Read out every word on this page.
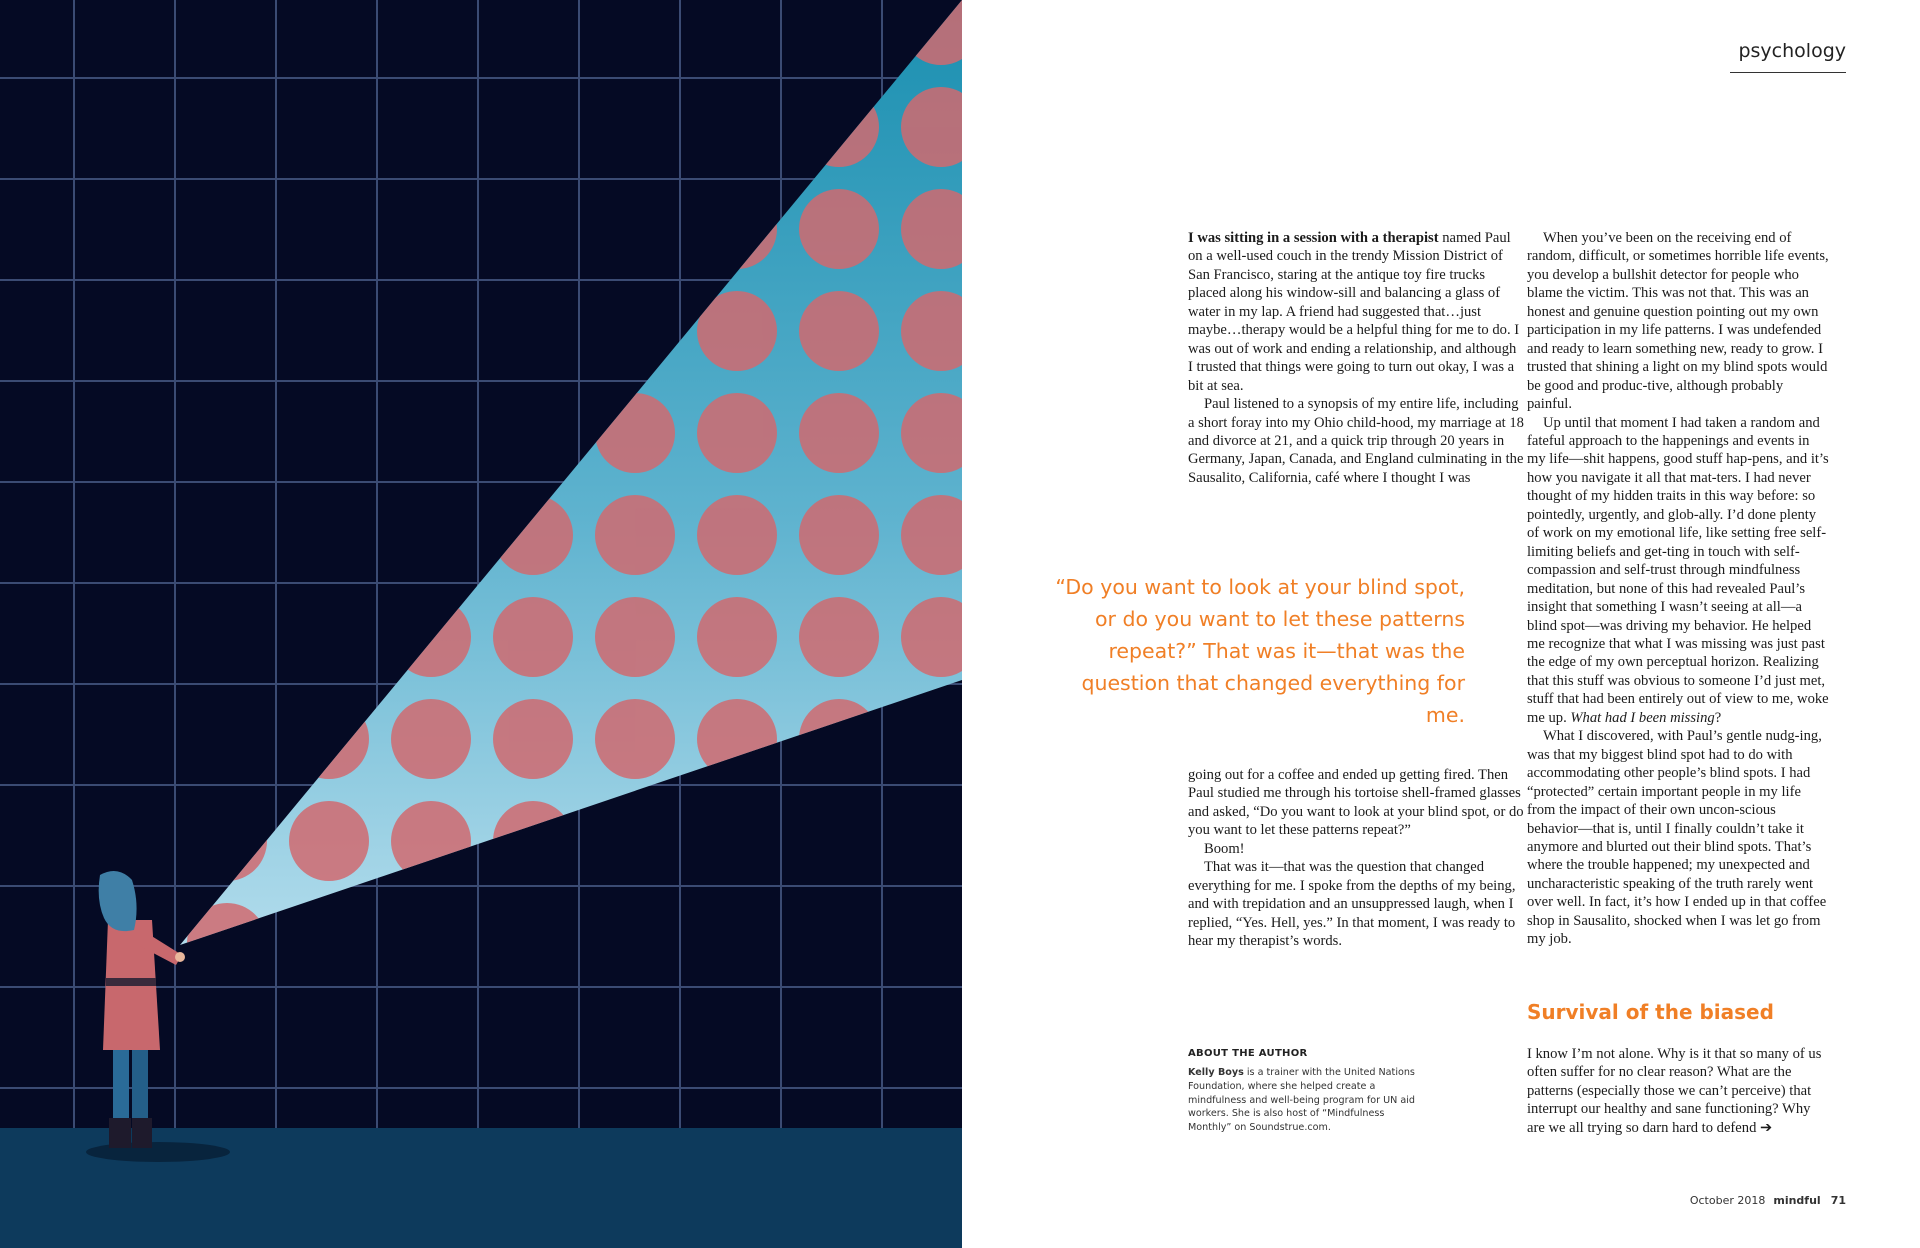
psychology

I was sitting in a session with a therapist named Paul on a well-used couch in the trendy Mission District of San Francisco, staring at the antique toy fire trucks placed along his window-sill and balancing a glass of water in my lap. A friend had suggested that…just maybe…therapy would be a helpful thing for me to do. I was out of work and ending a relationship, and although I trusted that things were going to turn out okay, I was a bit at sea.

Paul listened to a synopsis of my entire life, including a short foray into my Ohio child-hood, my marriage at 18 and divorce at 21, and a quick trip through 20 years in Germany, Japan, Canada, and England culminating in the Sausalito, California, café where I thought I was

“Do you want to look at your blind spot, or do you want to let these patterns repeat?” That was it—that was the question that changed everything for me.

going out for a coffee and ended up getting fired. Then Paul studied me through his tortoise shell-framed glasses and asked, “Do you want to look at your blind spot, or do you want to let these patterns repeat?”

Boom!

That was it—that was the question that changed everything for me. I spoke from the depths of my being, and with trepidation and an unsuppressed laugh, when I replied, “Yes. Hell, yes.” In that moment, I was ready to hear my therapist’s words.

ABOUT THE AUTHOR
Kelly Boys is a trainer with the United Nations Foundation, where she helped create a mindfulness and well-being program for UN aid workers. She is also host of “Mindfulness Monthly” on Soundstrue.com.

When you’ve been on the receiving end of random, difficult, or sometimes horrible life events, you develop a bullshit detector for people who blame the victim. This was not that. This was an honest and genuine question pointing out my own participation in my life patterns. I was undefended and ready to learn something new, ready to grow. I trusted that shining a light on my blind spots would be good and produc-tive, although probably painful.

Up until that moment I had taken a random and fateful approach to the happenings and events in my life—shit happens, good stuff hap-pens, and it’s how you navigate it all that mat-ters. I had never thought of my hidden traits in this way before: so pointedly, urgently, and glob-ally. I’d done plenty of work on my emotional life, like setting free self-limiting beliefs and get-ting in touch with self-compassion and self-trust through mindfulness meditation, but none of this had revealed Paul’s insight that something I wasn’t seeing at all—a blind spot—was driving my behavior. He helped me recognize that what I was missing was just past the edge of my own perceptual horizon. Realizing that this stuff was obvious to someone I’d just met, stuff that had been entirely out of view to me, woke me up. What had I been missing?

What I discovered, with Paul’s gentle nudg-ing, was that my biggest blind spot had to do with accommodating other people’s blind spots. I had “protected” certain important people in my life from the impact of their own uncon-scious behavior—that is, until I finally couldn’t take it anymore and blurted out their blind spots. That’s where the trouble happened; my unexpected and uncharacteristic speaking of the truth rarely went over well. In fact, it’s how I ended up in that coffee shop in Sausalito, shocked when I was let go from my job.

Survival of the biased

I know I’m not alone. Why is it that so many of us often suffer for no clear reason? What are the patterns (especially those we can’t perceive) that interrupt our healthy and sane functioning? Why are we all trying so darn hard to defend ➔

October 2018 mindful 71
